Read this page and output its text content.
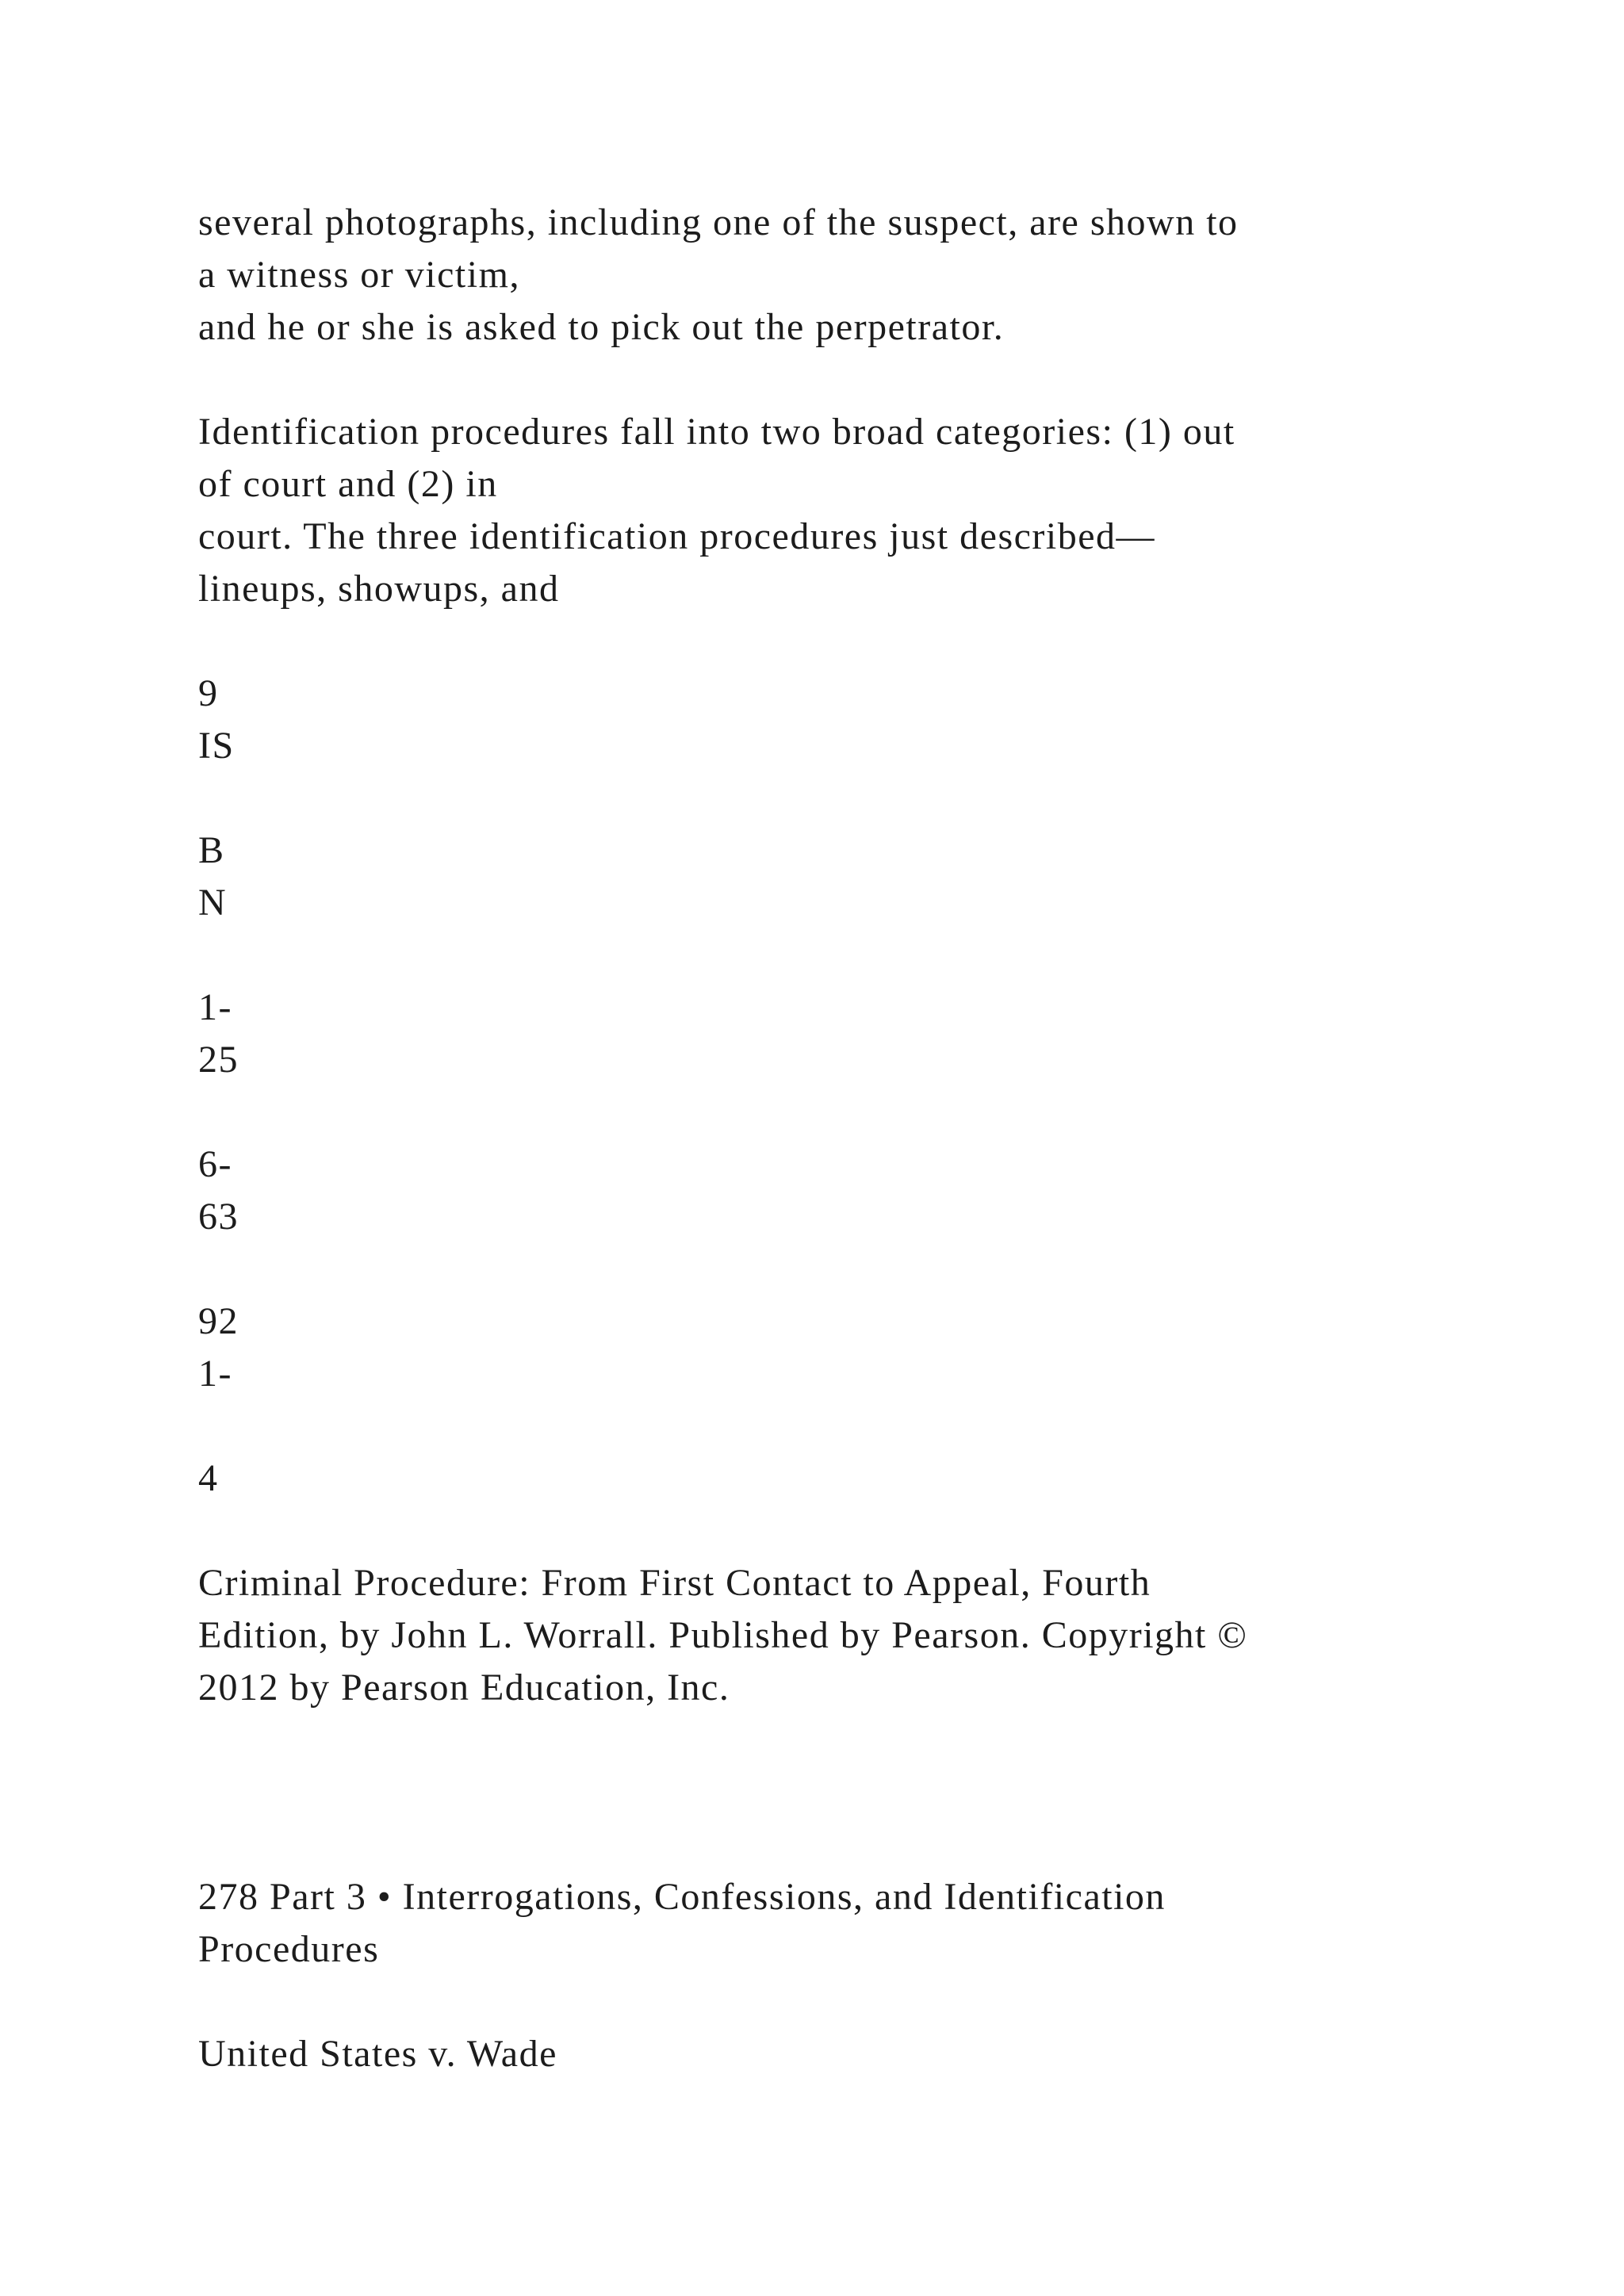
several photographs, including one of the suspect, are shown to
a witness or victim,
and he or she is asked to pick out the perpetrator.
Identification procedures fall into two broad categories: (1) out
of court and (2) in
court. The three identification procedures just described—
lineups, showups, and
9
IS
B
N
1-
25
6-
63
92
1-
4
Criminal Procedure: From First Contact to Appeal, Fourth
Edition, by John L. Worrall. Published by Pearson. Copyright ©
2012 by Pearson Education, Inc.
278 Part 3 • Interrogations, Confessions, and Identification
Procedures
United States v. Wade
